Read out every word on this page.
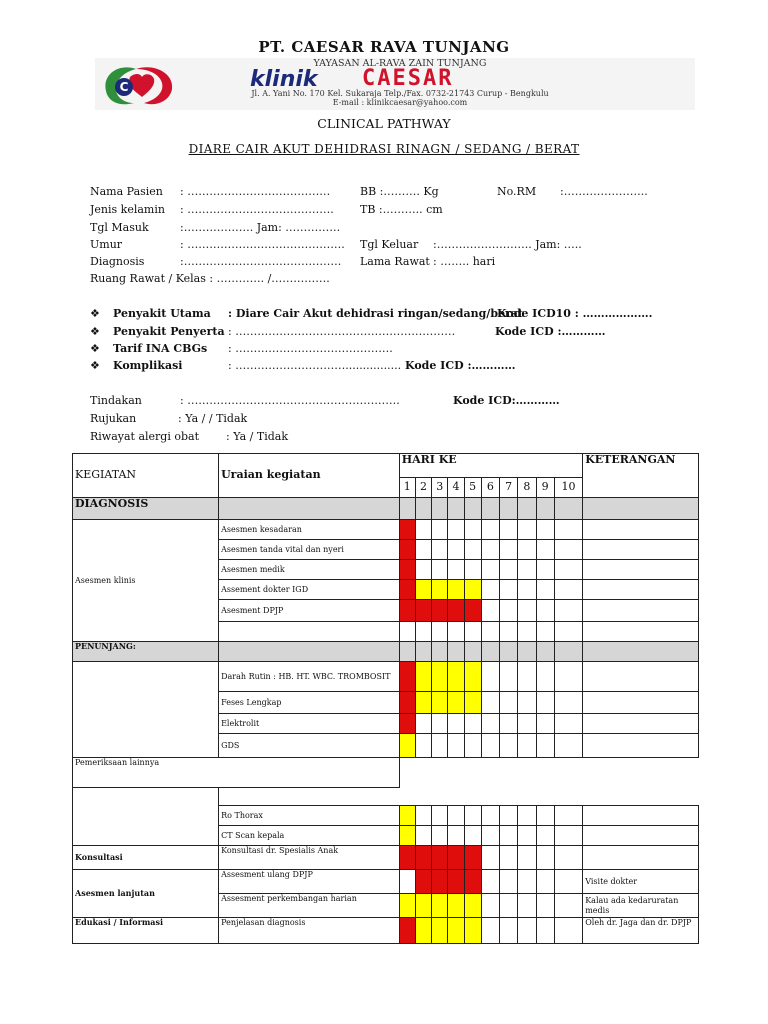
PT. CAESAR RAVA TUNJANG
C
YAYASAN AL-RAVA ZAIN TUNJANG
klinik CAESAR
Jl. A. Yani No. 170 Kel. Sukaraja Telp./Fax. 0732-21743 Curup - Bengkulu
E-mail : klinikcaesar@yahoo.com
CLINICAL PATHWAY
DIARE CAIR AKUT DEHIDRASI RINAGN / SEDANG / BERAT
Nama Pasien : …………………………………	BB :………. Kg	No.RM :…………………..
Jenis kelamin : …………………………………. TB :……….. cm
Tgl Masuk	:………………. Jam: ……………
Umur	: ……………………………………. Tgl Keluar :…………………….. Jam: …..
Diagnosis	:……………………………………. Lama Rawat : …….. hari
Ruang Rawat / Kelas : …………. /…………….
❖ Penyakit Utama : Diare Cair Akut dehidrasi ringan/sedang/berat
Kode ICD10 : ……………….
❖ Penyakit Penyerta : ……………………………………………………	Kode ICD :…………
❖ Tarif INA CBGs : …………………………………….
❖ Komplikasi	: …………………………................ Kode ICD :…………
Tindakan	: ………………………………………………….	Kode ICD:…………
Rujukan	: Ya / / Tidak
Riwayat alergi obat : Ya / Tidak
KEGIATAN	Uraian kegiatan	HARI KE										KETERANGAN
		1	2	3	4	5	6	7	8	9	10	
DIAGNOSIS												
Asesmen klinis	Asesmen kesadaran											
	Asesmen tanda vital dan nyeri											
	Asesmen medik											
	Assement dokter IGD											
	Asesment DPJP											

PENUNJANG:												
	Darah Rutin : HB. HT. WBC. TROMBOSIT											
	Feses Lengkap											
	Elektrolit											
	GDS											
Pemeriksaan lainnya												

	Ro Thorax											
	CT Scan kepala											
Konsultasi	Konsultasi dr. Spesialis Anak											
Asesmen lanjutan	Assesment ulang DPJP											Visite dokter
	Assesment perkembangan harian											Kalau ada kedaruratan medis
Edukasi / Informasi	Penjelasan diagnosis											Oleh dr. Jaga dan dr. DPJP
